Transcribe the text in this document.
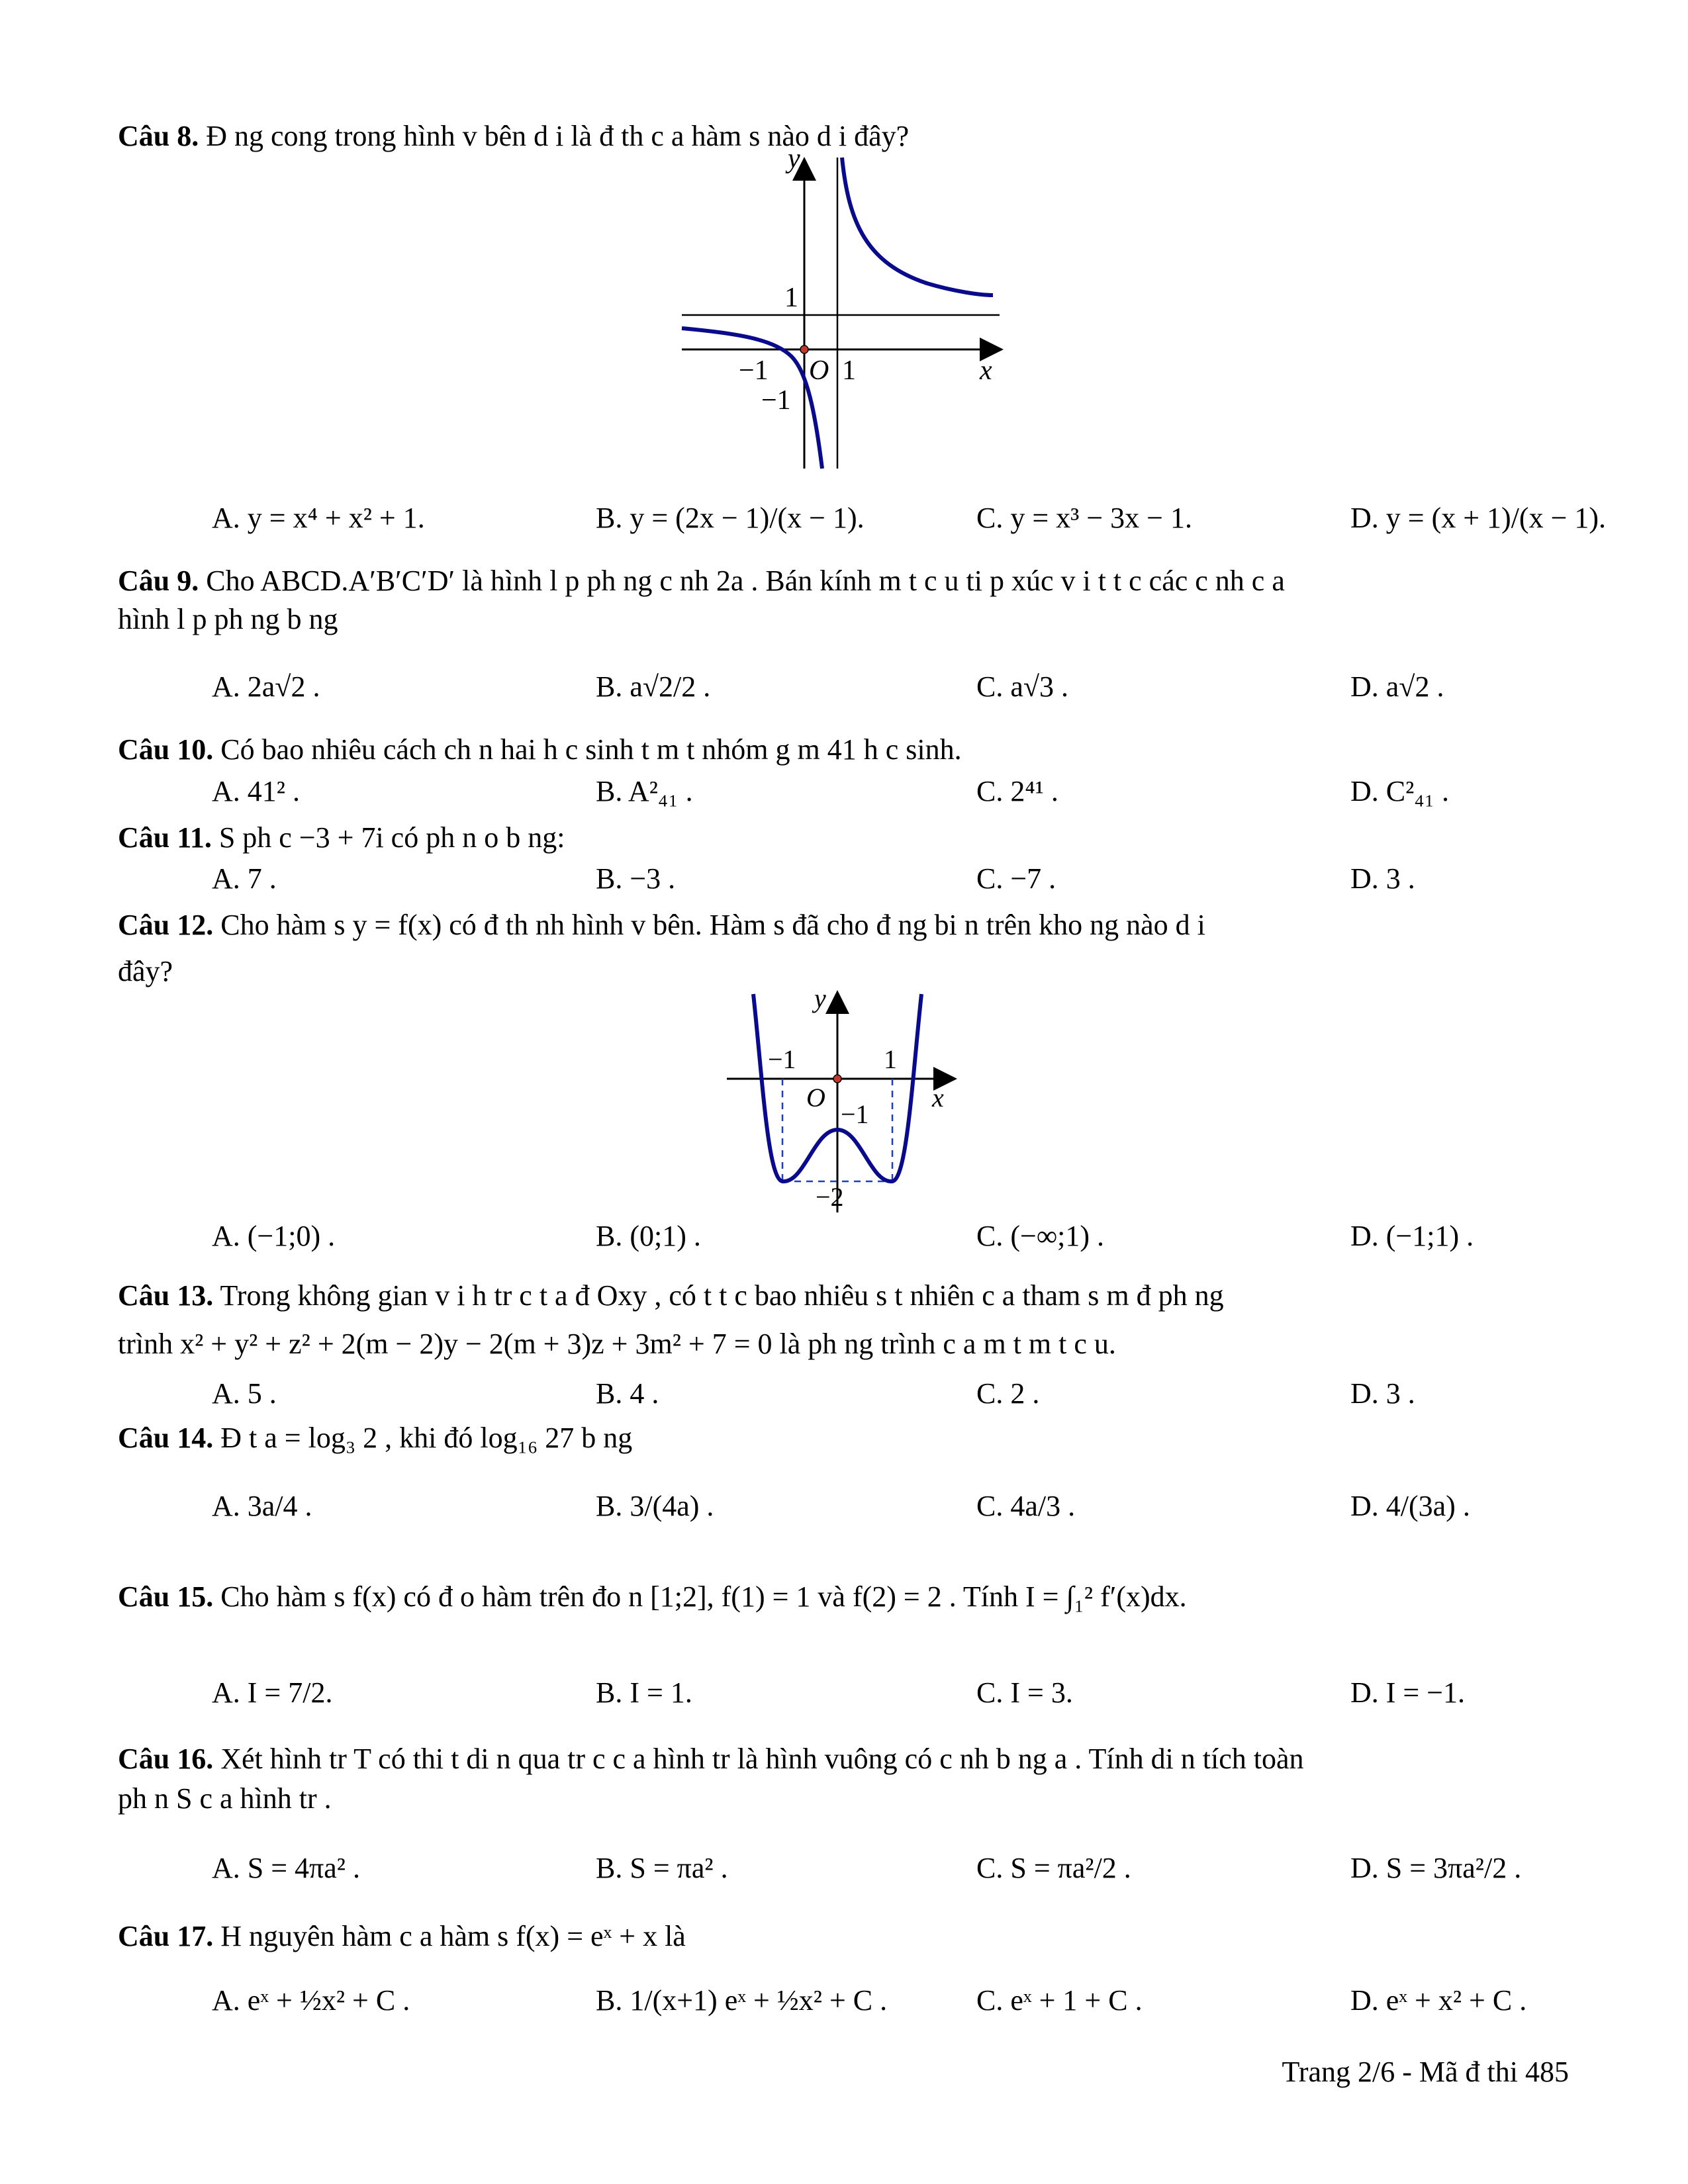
Câu 8. Đ ng cong trong hình v bên d i là đ th c a hàm s nào d i đây?
y
x
1
O 1
−1
−1
A. y = x⁴ + x² + 1.	B. y = (2x − 1)/(x − 1).	C. y = x³ − 3x − 1.	D. y = (x + 1)/(x − 1).
Câu 9. Cho ABCD.A′B′C′D′ là hình l p ph ng c nh 2a . Bán kính m t c u ti p xúc v i t t c các c nh c a
hình l p ph ng b ng
A. 2a√2 .	B. a√2/2 .	C. a√3 .	D. a√2 .
Câu 10. Có bao nhiêu cách ch n hai h c sinh t m t nhóm g m 41 h c sinh.
A. 41² .	B. A²₄₁ .	C. 2⁴¹ .	D. C²₄₁ .
Câu 11. S ph c −3 + 7i có ph n o b ng:
A. 7 .	B. −3 .	C. −7 .	D. 3 .
Câu 12. Cho hàm s y = f(x) có đ th nh hình v bên. Hàm s đã cho đ ng bi n trên kho ng nào d i
đây?
y
x
−1	1
O
−1
−2
A. (−1;0) .	B. (0;1) .	C. (−∞;1) .	D. (−1;1) .
Câu 13. Trong không gian v i h tr c t a đ Oxy , có t t c bao nhiêu s t nhiên c a tham s m đ ph ng
trình x² + y² + z² + 2(m − 2)y − 2(m + 3)z + 3m² + 7 = 0 là ph ng trình c a m t m t c u.
A. 5 .	B. 4 .	C. 2 .	D. 3 .
Câu 14. Đ t a = log₃ 2 , khi đó log₁₆ 27 b ng
A. 3a/4 .	B. 3/(4a) .	C. 4a/3 .	D. 4/(3a) .
Câu 15. Cho hàm s f(x) có đ o hàm trên đo n [1;2], f(1) = 1 và f(2) = 2 . Tính I = ∫₁² f′(x)dx.
A. I = 7/2.	B. I = 1.	C. I = 3.	D. I = −1.
Câu 16. Xét hình tr T có thi t di n qua tr c c a hình tr là hình vuông có c nh b ng a . Tính di n tích toàn
ph n S c a hình tr .
A. S = 4πa² .	B. S = πa² .	C. S = πa²/2 .	D. S = 3πa²/2 .
Câu 17. H nguyên hàm c a hàm s f(x) = eˣ + x là
A. eˣ + ½x² + C .	B. 1/(x+1) eˣ + ½x² + C .	C. eˣ + 1 + C .	D. eˣ + x² + C .
Trang 2/6 - Mã đ thi 485
